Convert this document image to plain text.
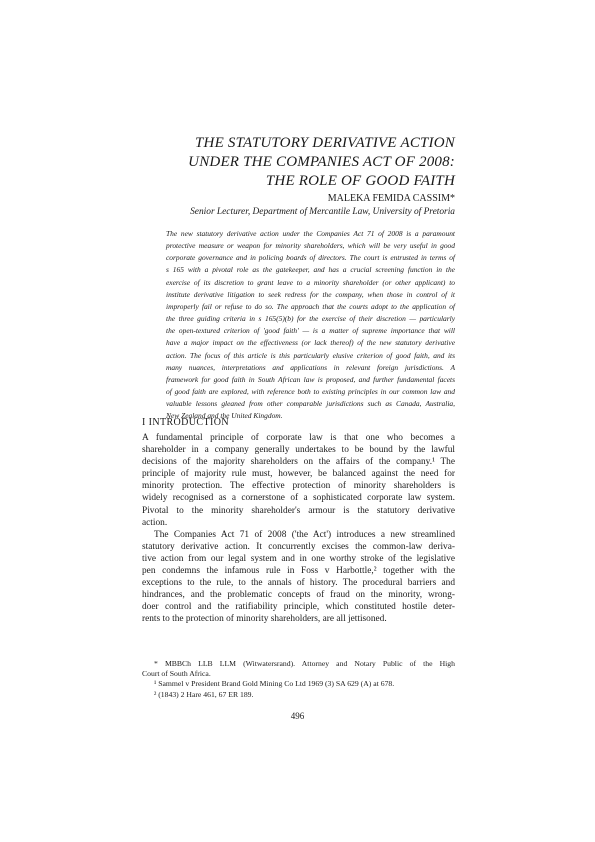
THE STATUTORY DERIVATIVE ACTION
UNDER THE COMPANIES ACT OF 2008:
THE ROLE OF GOOD FAITH
MALEKA FEMIDA CASSIM*
Senior Lecturer, Department of Mercantile Law, University of Pretoria
The new statutory derivative action under the Companies Act 71 of 2008 is a paramount
protective measure or weapon for minority shareholders, which will be very useful in good
corporate governance and in policing boards of directors. The court is entrusted in terms of
s 165 with a pivotal role as the gatekeeper, and has a crucial screening function in the
exercise of its discretion to grant leave to a minority shareholder (or other applicant) to
institute derivative litigation to seek redress for the company, when those in control of it
improperly fail or refuse to do so. The approach that the courts adopt to the application of
the three guiding criteria in s 165(5)(b) for the exercise of their discretion — particularly
the open-textured criterion of 'good faith' — is a matter of supreme importance that will
have a major impact on the effectiveness (or lack thereof) of the new statutory derivative
action. The focus of this article is this particularly elusive criterion of good faith, and its
many nuances, interpretations and applications in relevant foreign jurisdictions. A
framework for good faith in South African law is proposed, and further fundamental facets
of good faith are explored, with reference both to existing principles in our common law and
valuable lessons gleaned from other comparable jurisdictions such as Canada, Australia,
New Zealand and the United Kingdom.
I INTRODUCTION
A fundamental principle of corporate law is that one who becomes a
shareholder in a company generally undertakes to be bound by the lawful
decisions of the majority shareholders on the affairs of the company.¹ The
principle of majority rule must, however, be balanced against the need for
minority protection. The effective protection of minority shareholders is
widely recognised as a cornerstone of a sophisticated corporate law system.
Pivotal to the minority shareholder's armour is the statutory derivative
action.
The Companies Act 71 of 2008 ('the Act') introduces a new streamlined
statutory derivative action. It concurrently excises the common-law deriva-
tive action from our legal system and in one worthy stroke of the legislative
pen condemns the infamous rule in Foss v Harbottle,² together with the
exceptions to the rule, to the annals of history. The procedural barriers and
hindrances, and the problematic concepts of fraud on the minority, wrong-
doer control and the ratifiability principle, which constituted hostile deter-
rents to the protection of minority shareholders, are all jettisoned.
* MBBCh LLB LLM (Witwatersrand). Attorney and Notary Public of the High
Court of South Africa.
¹ Sammel v President Brand Gold Mining Co Ltd 1969 (3) SA 629 (A) at 678.
² (1843) 2 Hare 461, 67 ER 189.
496
